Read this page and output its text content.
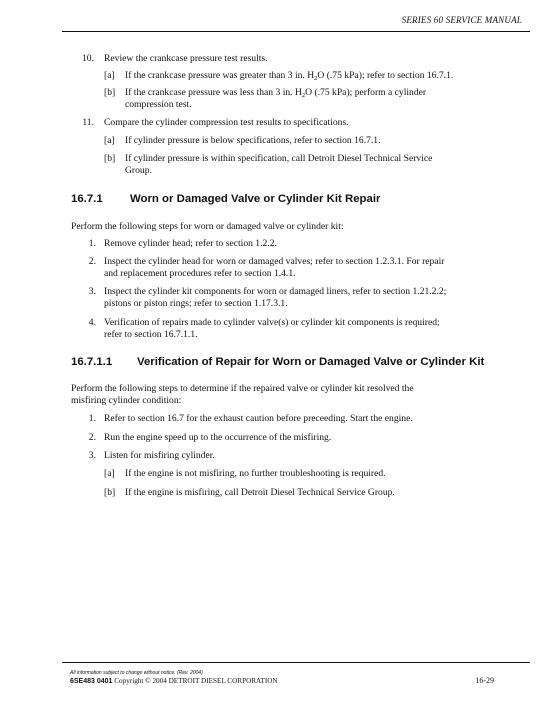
SERIES 60 SERVICE MANUAL
10. Review the crankcase pressure test results.
[a] If the crankcase pressure was greater than 3 in. $H_2O$ (.75 kPa); refer to section 16.7.1.
[b] If the crankcase pressure was less than 3 in. $H_2O$ (.75 kPa); perform a cylinder
compression test.
11. Compare the cylinder compression test results to specifications.
[a] If cylinder pressure is below specifications, refer to section 16.7.1.
[b] If cylinder pressure is within specification, call Detroit Diesel Technical Service
Group.
16.7.1 Worn or Damaged Valve or Cylinder Kit Repair
Perform the following steps for worn or damaged valve or cylinder kit:
1. Remove cylinder head; refer to section 1.2.2.
2. Inspect the cylinder head for worn or damaged valves; refer to section 1.2.3.1. For repair
and replacement procedures refer to section 1.4.1.
3. Inspect the cylinder kit components for worn or damaged liners, refer to section 1.21.2.2;
pistons or piston rings; refer to section 1.17.3.1.
4. Verification of repairs made to cylinder valve(s) or cylinder kit components is required;
refer to section 16.7.1.1.
16.7.1.1 Verification of Repair for Worn or Damaged Valve or Cylinder Kit
Perform the following steps to determine if the repaired valve or cylinder kit resolved the
misfiring cylinder condition:
1. Refer to section 16.7 for the exhaust caution before preceeding. Start the engine.
2. Run the engine speed up to the occurrence of the misfiring.
3. Listen for misfiring cylinder.
[a] If the engine is not misfiring, no further troubleshooting is required.
[b] If the engine is misfiring, call Detroit Diesel Technical Service Group.
All information subject to change without notice. (Rev. 2004)
6SE483 0401 Copyright © 2004 DETROIT DIESEL CORPORATION	16-29
